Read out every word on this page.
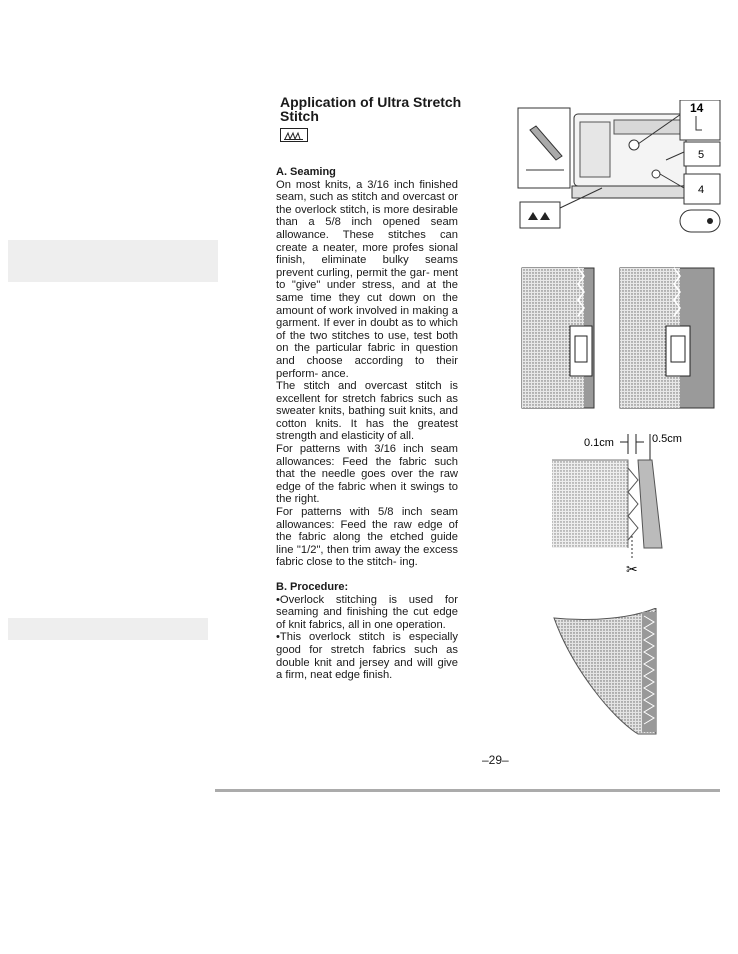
Application of Ultra Stretch Stitch

A. Seaming

On most knits, a 3/16 inch finished seam, such as stitch and overcast or the overlock stitch, is more desirable than a 5/8 inch opened seam allowance. These stitches can create a neater, more profes sional finish, eliminate bulky seams prevent curling, permit the gar- ment to "give" under stress, and at the same time they cut down on the amount of work involved in making a garment. If ever in doubt as to which of the two stitches to use, test both on the particular fabric in question and choose according to their perform- ance.

The stitch and overcast stitch is excellent for stretch fabrics such as sweater knits, bathing suit knits, and cotton knits. It has the greatest strength and elasticity of all.

For patterns with 3/16 inch seam allowances: Feed the fabric such that the needle goes over the raw edge of the fabric when it swings to the right.

For patterns with 5/8 inch seam allowances: Feed the raw edge of the fabric along the etched guide line "1/2", then trim away the excess fabric close to the stitch- ing.

B. Procedure:

•Overlock stitching is used for seaming and finishing the cut edge of knit fabrics, all in one operation.

•This overlock stitch is especially good for stretch fabrics such as double knit and jersey and will give a firm, neat edge finish.

14
5
4
0.1cm	0.5cm
✂
–29–
